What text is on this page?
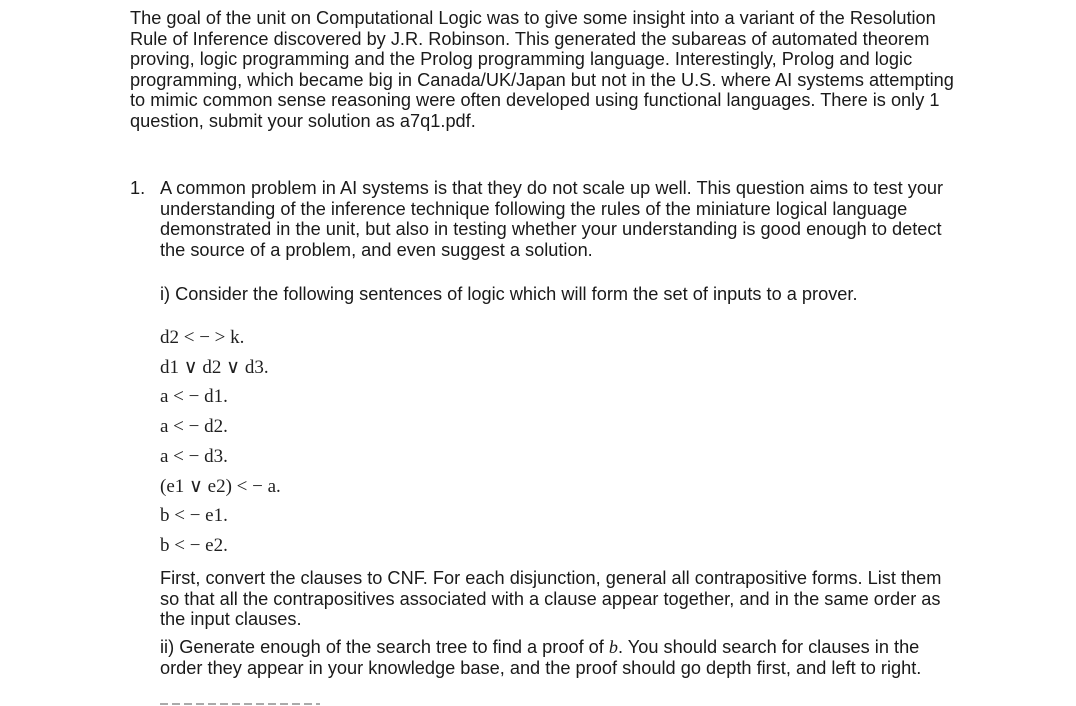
The goal of the unit on Computational Logic was to give some insight into a variant of the Resolution Rule of Inference discovered by J.R. Robinson. This generated the subareas of automated theorem proving, logic programming and the Prolog programming language. Interestingly, Prolog and logic programming, which became big in Canada/UK/Japan but not in the U.S. where AI systems attempting to mimic common sense reasoning were often developed using functional languages. There is only 1 question, submit your solution as a7q1.pdf.

1. A common problem in AI systems is that they do not scale up well. This question aims to test your understanding of the inference technique following the rules of the miniature logical language demonstrated in the unit, but also in testing whether your understanding is good enough to detect the source of a problem, and even suggest a solution.

i) Consider the following sentences of logic which will form the set of inputs to a prover.
d2 < − > k.
d1 ∨ d2 ∨ d3.
a < − d1.
a < − d2.
a < − d3.
(e1 ∨ e2) < − a.
b < − e1.
b < − e2.

First, convert the clauses to CNF. For each disjunction, general all contrapositive forms. List them so that all the contrapositives associated with a clause appear together, and in the same order as the input clauses.

ii) Generate enough of the search tree to find a proof of b. You should search for clauses in the order they appear in your knowledge base, and the proof should go depth first, and left to right.
